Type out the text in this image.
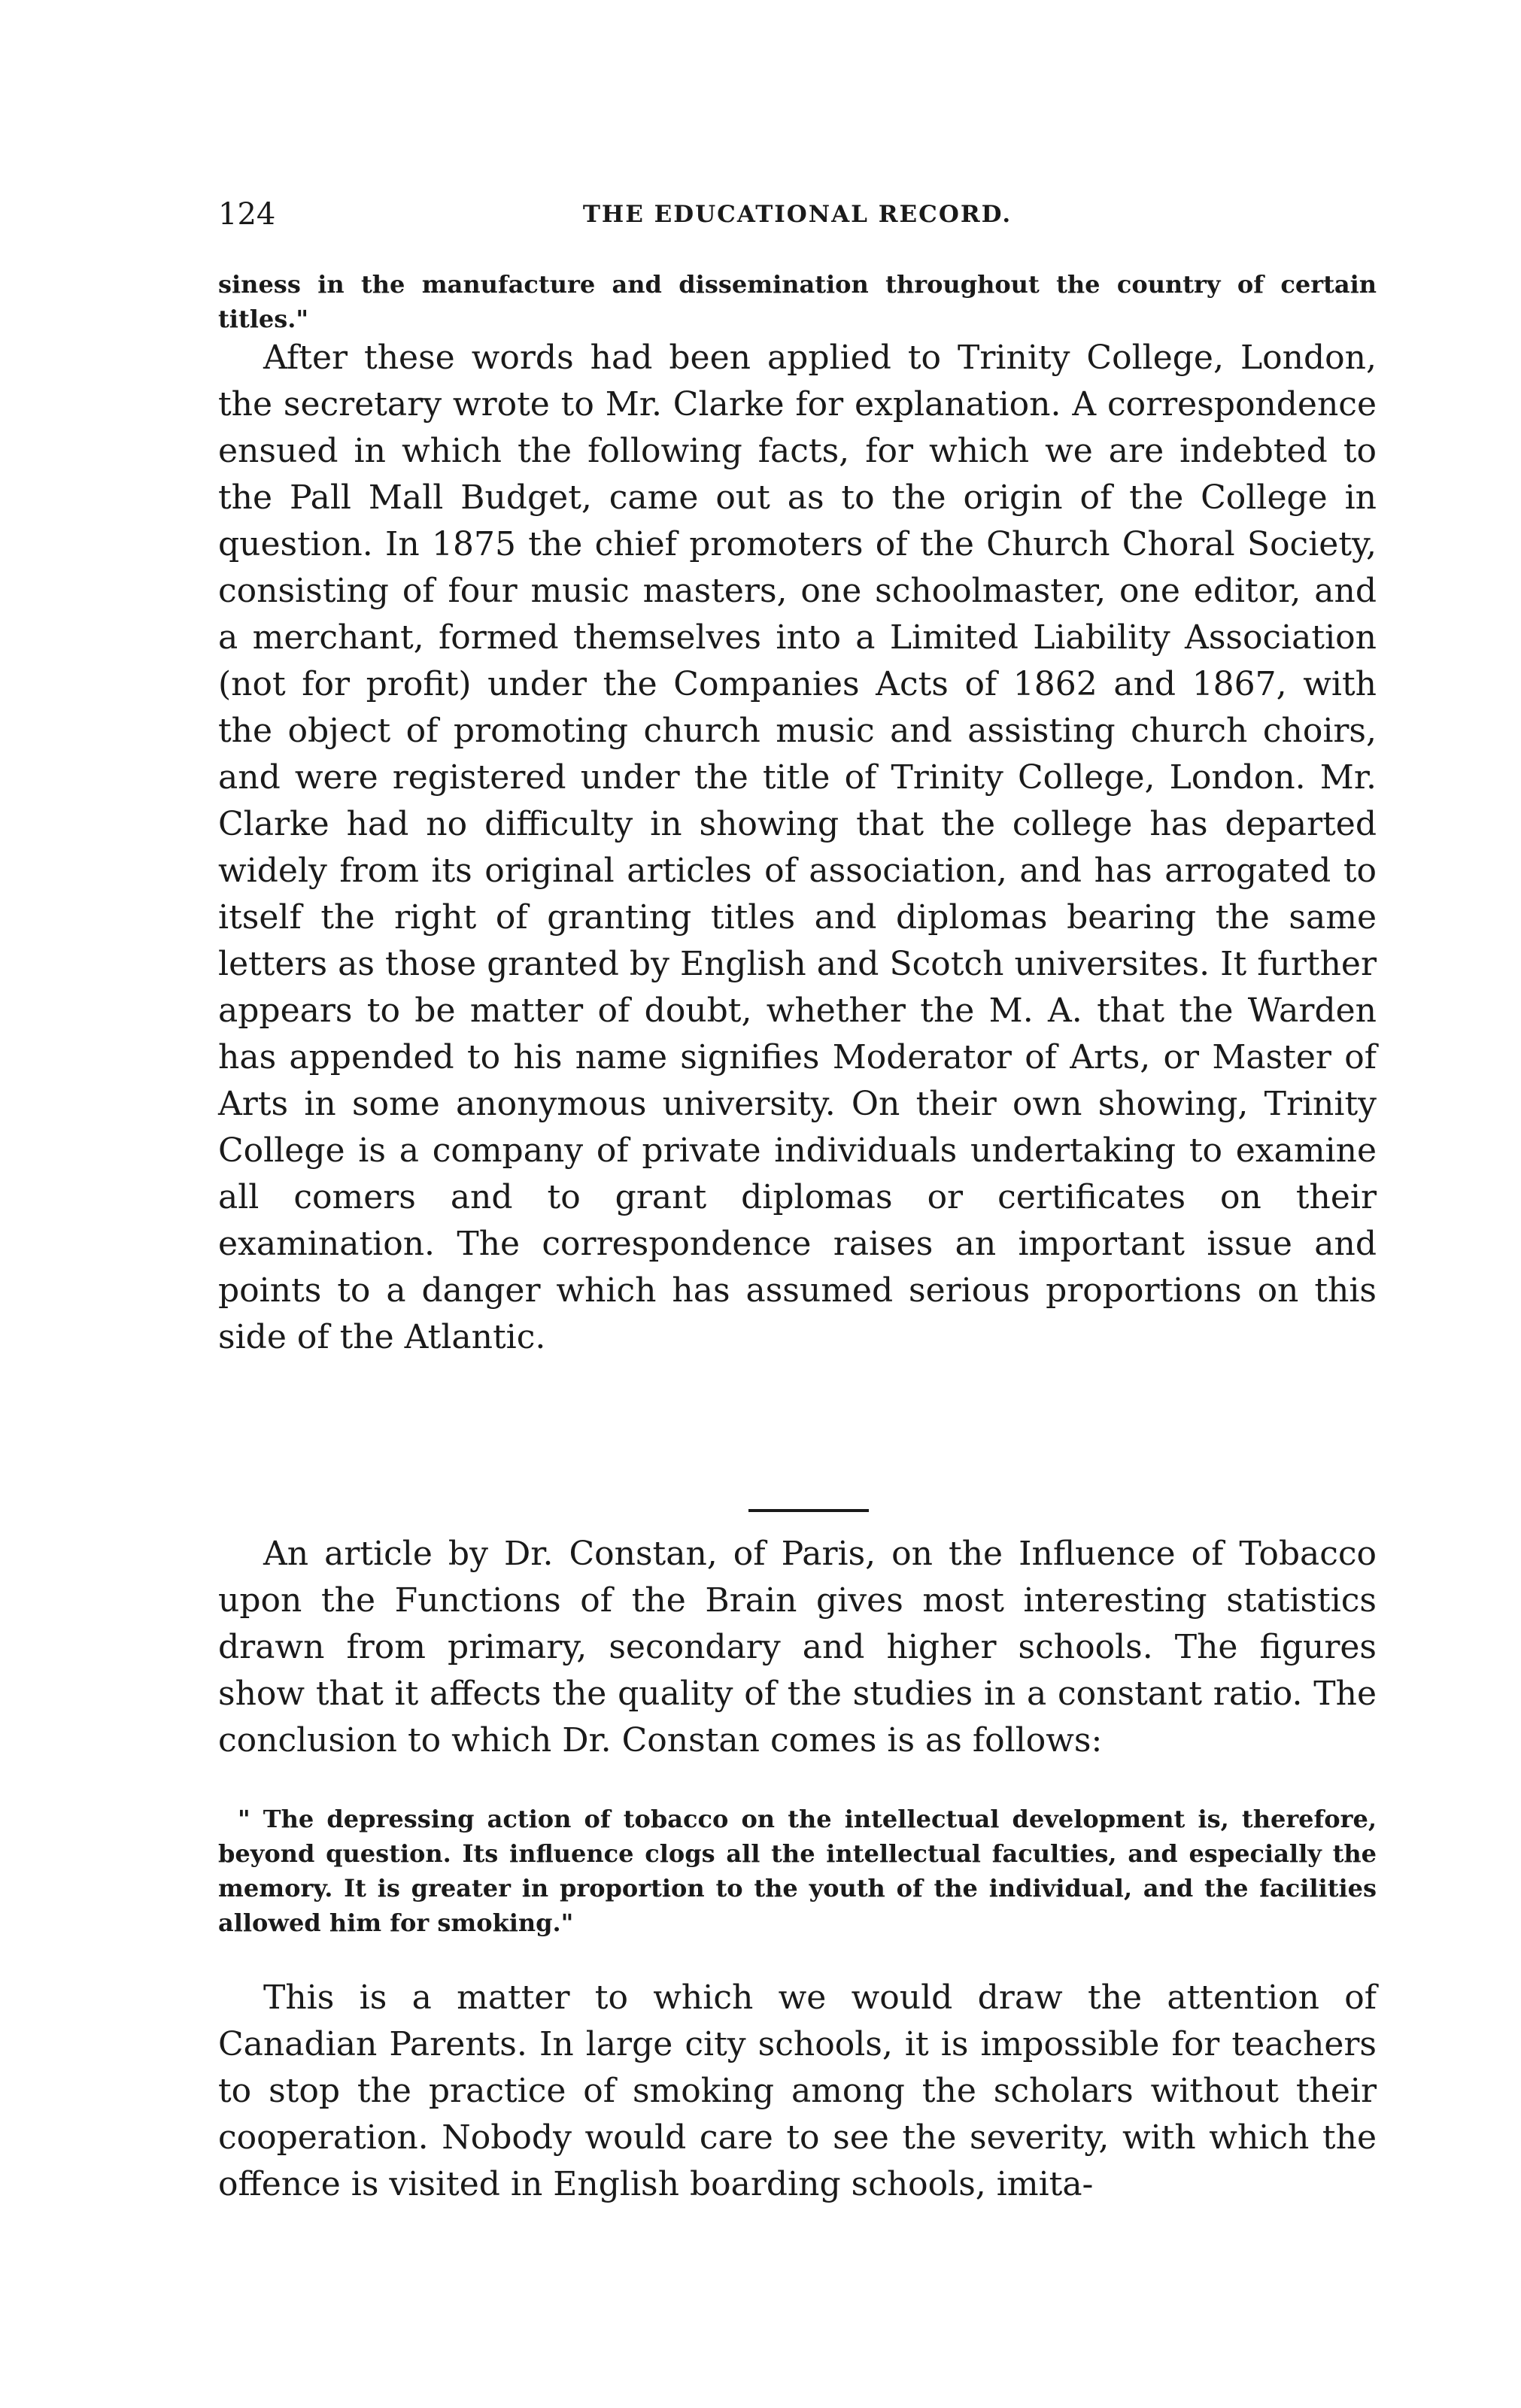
124	THE EDUCATIONAL RECORD.

siness in the manufacture and dissemination throughout the country of certain titles."

After these words had been applied to Trinity College, London, the secretary wrote to Mr. Clarke for explanation. A correspondence ensued in which the following facts, for which we are indebted to the Pall Mall Budget, came out as to the origin of the College in question. In 1875 the chief promoters of the Church Choral Society, consisting of four music masters, one schoolmaster, one editor, and a merchant, formed themselves into a Limited Liability Association (not for profit) under the Companies Acts of 1862 and 1867, with the object of promoting church music and assisting church choirs, and were registered under the title of Trinity College, London. Mr. Clarke had no difficulty in showing that the college has departed widely from its original articles of association, and has arrogated to itself the right of granting titles and diplomas bearing the same letters as those granted by English and Scotch universites. It further appears to be matter of doubt, whether the M. A. that the Warden has appended to his name signifies Moderator of Arts, or Master of Arts in some anonymous university. On their own showing, Trinity College is a company of private individuals undertaking to examine all comers and to grant diplomas or certificates on their examination. The correspondence raises an important issue and points to a danger which has assumed serious proportions on this side of the Atlantic.

An article by Dr. Constan, of Paris, on the Influence of Tobacco upon the Functions of the Brain gives most interesting statistics drawn from primary, secondary and higher schools. The figures show that it affects the quality of the studies in a constant ratio. The conclusion to which Dr. Constan comes is as follows:

" The depressing action of tobacco on the intellectual development is, therefore, beyond question. Its influence clogs all the intellectual faculties, and especially the memory. It is greater in proportion to the youth of the individual, and the facilities allowed him for smoking."

This is a matter to which we would draw the attention of Canadian Parents. In large city schools, it is impossible for teachers to stop the practice of smoking among the scholars without their cooperation. Nobody would care to see the severity, with which the offence is visited in English boarding schools, imita-
